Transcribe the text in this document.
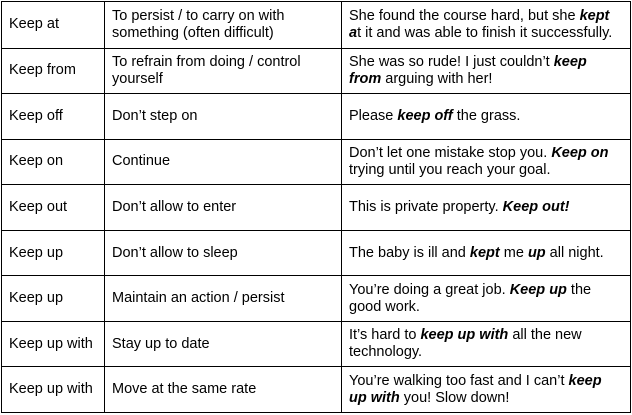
Keep at	To persist / to carry on with something (often difficult)	She found the course hard, but she kept at it and was able to finish it successfully.
Keep from	To refrain from doing / control yourself	She was so rude! I just couldn’t keep from arguing with her!
Keep off	Don’t step on	Please keep off the grass.
Keep on	Continue	Don’t let one mistake stop you. Keep on trying until you reach your goal.
Keep out	Don’t allow to enter	This is private property. Keep out!
Keep up	Don’t allow to sleep	The baby is ill and kept me up all night.
Keep up	Maintain an action / persist	You’re doing a great job. Keep up the good work.
Keep up with	Stay up to date	It’s hard to keep up with all the new technology.
Keep up with	Move at the same rate	You’re walking too fast and I can’t keep up with you! Slow down!
